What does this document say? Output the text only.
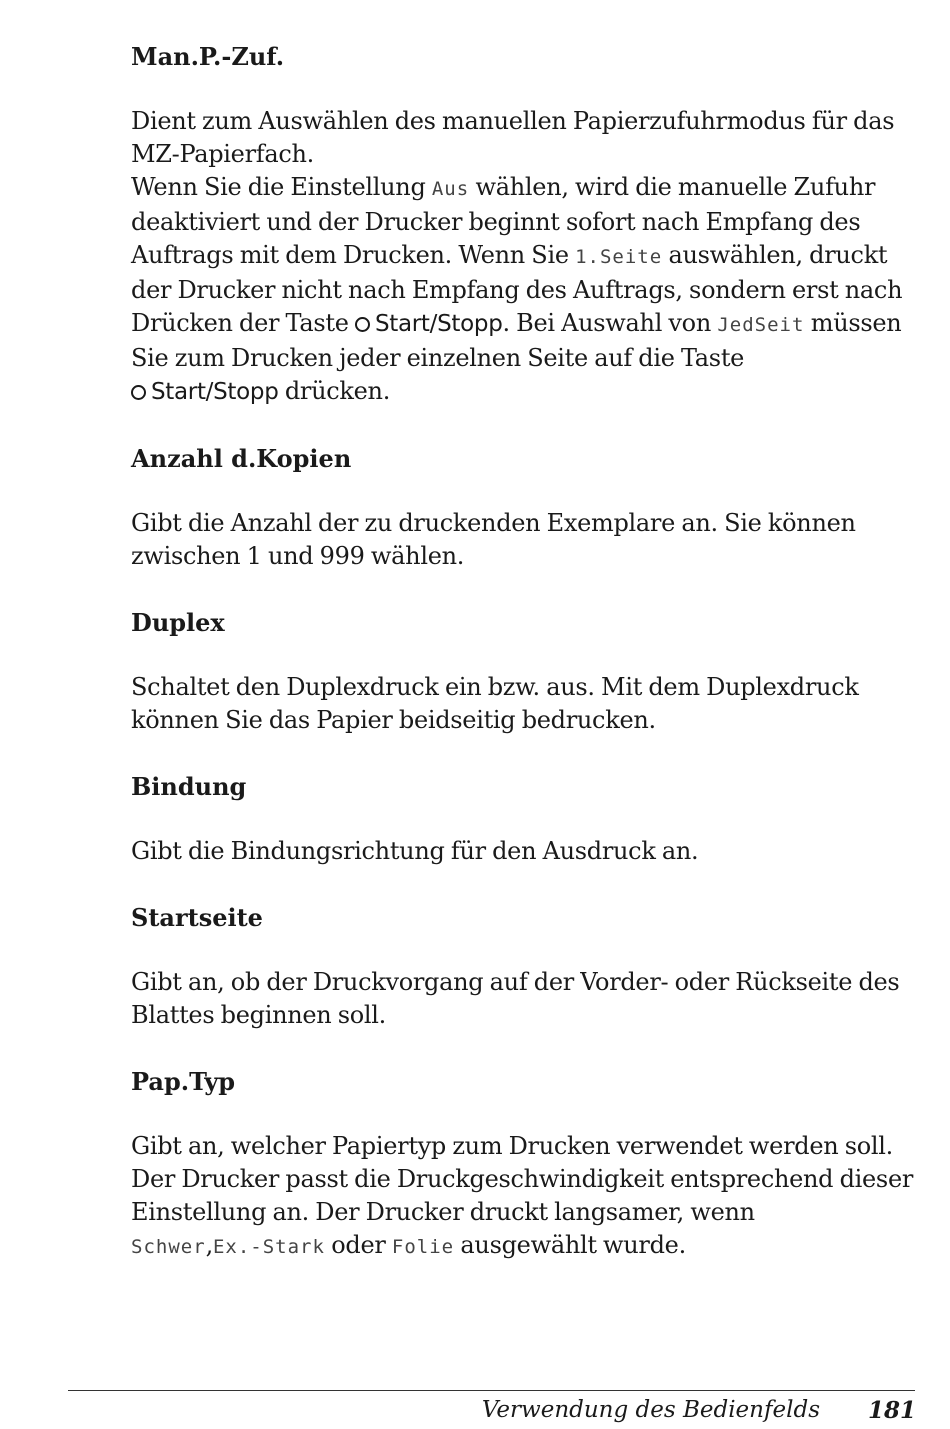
Man.P.-Zuf.

Dient zum Auswählen des manuellen Papierzufuhrmodus für das MZ-Papierfach.
Wenn Sie die Einstellung Aus wählen, wird die manuelle Zufuhr deaktiviert und der Drucker beginnt sofort nach Empfang des Auftrags mit dem Drucken. Wenn Sie 1.Seite auswählen, druckt der Drucker nicht nach Empfang des Auftrags, sondern erst nach Drücken der Taste Start/Stopp. Bei Auswahl von JedSeit müssen Sie zum Drucken jeder einzelnen Seite auf die Taste
Start/Stopp drücken.

Anzahl d.Kopien

Gibt die Anzahl der zu druckenden Exemplare an. Sie können zwischen 1 und 999 wählen.

Duplex

Schaltet den Duplexdruck ein bzw. aus. Mit dem Duplexdruck können Sie das Papier beidseitig bedrucken.

Bindung

Gibt die Bindungsrichtung für den Ausdruck an.

Startseite

Gibt an, ob der Druckvorgang auf der Vorder- oder Rückseite des Blattes beginnen soll.

Pap.Typ

Gibt an, welcher Papiertyp zum Drucken verwendet werden soll. Der Drucker passt die Druckgeschwindigkeit entsprechend dieser Einstellung an. Der Drucker druckt langsamer, wenn
Schwer,Ex.-Stark oder Folie ausgewählt wurde.

Verwendung des Bedienfelds 181
